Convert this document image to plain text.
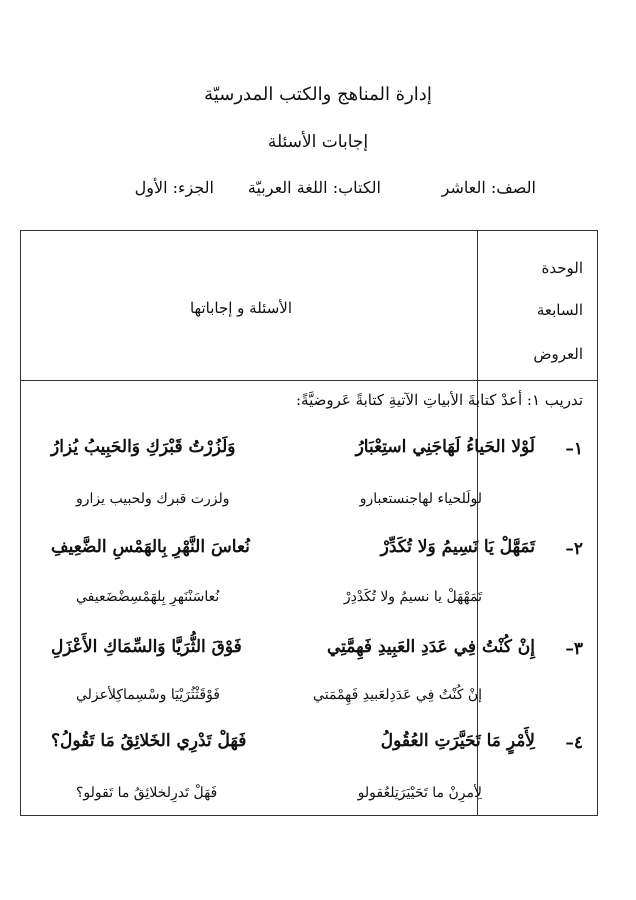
إدارة المناهج والكتب المدرسيّة
إجابات الأسئلة
الصف: العاشر
الكتاب: اللغة العربيّة
الجزء: الأول
الوحدة
السابعة
العروض
الأسئلة و إجاباتها
تدريب ١: أعدْ كتابةَ الأبياتِ الآتيةِ كتابةً عَروضيَّةً:
١–
لَوْلا الحَياءُ لَهَاجَنِي استِعْبَارُ
وَلَزُرْتُ قَبْرَكِ وَالحَبِيبُ يُزارُ
لولَلحياء لهاجنستعبارو
ولزرت قبرك ولحبيب يزارو
٢–
تَمَهَّلْ يَا نَسِيمُ وَلا تُكَدِّرْ
نُعاسَ النَّهْرِ بِالهَمْسِ الضَّعِيفِ
تَمَهْهَلْ يا نسيمُ ولا تُكَدْدِرْ
نُعاسَنْنَهرِ بِلهَمْسِضْضَعيفي
٣–
إِنْ كُنْتُ فِي عَدَدِ العَبِيدِ فَهِمَّتِي
فَوْقَ الثُّرَيَّا وَالسِّمَاكِ الأَعْزَلِ
إنْ كُنْتُ فِي عَدَدِلعَبيدِ فَهِمْمَتي
فَوْقَثْثُرَيْيَا وسْسِماكِلأعزلي
٤–
لِأَمْرٍ مَا تَحَيَّرَتِ العُقُولُ
فَهَلْ تَدْرِي الخَلائِقُ مَا تَقُولُ؟
لِأمرِنْ ما تَحَيْيَرَتِلعُقولو
فَهَلْ تَدرِلخلائِقُ ما تَقولو؟
